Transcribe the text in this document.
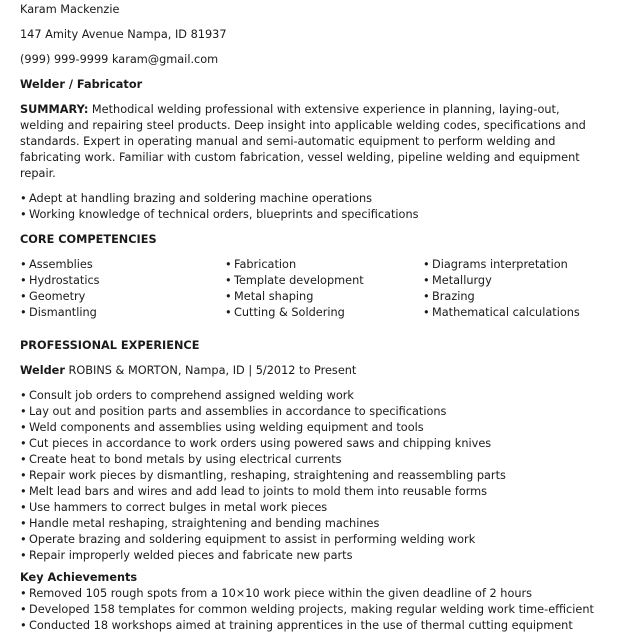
Karam Mackenzie

147 Amity Avenue Nampa, ID 81937

(999) 999-9999 karam@gmail.com

Welder / Fabricator

SUMMARY: Methodical welding professional with extensive experience in planning, laying-out, welding and repairing steel products. Deep insight into applicable welding codes, specifications and standards. Expert in operating manual and semi-automatic equipment to perform welding and fabricating work. Familiar with custom fabrication, vessel welding, pipeline welding and equipment repair.

• Adept at handling brazing and soldering machine operations
• Working knowledge of technical orders, blueprints and specifications

CORE COMPETENCIES

• Assemblies	• Fabrication	• Diagrams interpretation
• Hydrostatics	• Template development	• Metallurgy
• Geometry	• Metal shaping	• Brazing
• Dismantling	• Cutting & Soldering	• Mathematical calculations

PROFESSIONAL EXPERIENCE

Welder ROBINS & MORTON, Nampa, ID | 5/2012 to Present

• Consult job orders to comprehend assigned welding work
• Lay out and position parts and assemblies in accordance to specifications
• Weld components and assemblies using welding equipment and tools
• Cut pieces in accordance to work orders using powered saws and chipping knives
• Create heat to bond metals by using electrical currents
• Repair work pieces by dismantling, reshaping, straightening and reassembling parts
• Melt lead bars and wires and add lead to joints to mold them into reusable forms
• Use hammers to correct bulges in metal work pieces
• Handle metal reshaping, straightening and bending machines
• Operate brazing and soldering equipment to assist in performing welding work
• Repair improperly welded pieces and fabricate new parts

Key Achievements

• Removed 105 rough spots from a 10×10 work piece within the given deadline of 2 hours
• Developed 158 templates for common welding projects, making regular welding work time-efficient
• Conducted 18 workshops aimed at training apprentices in the use of thermal cutting equipment
